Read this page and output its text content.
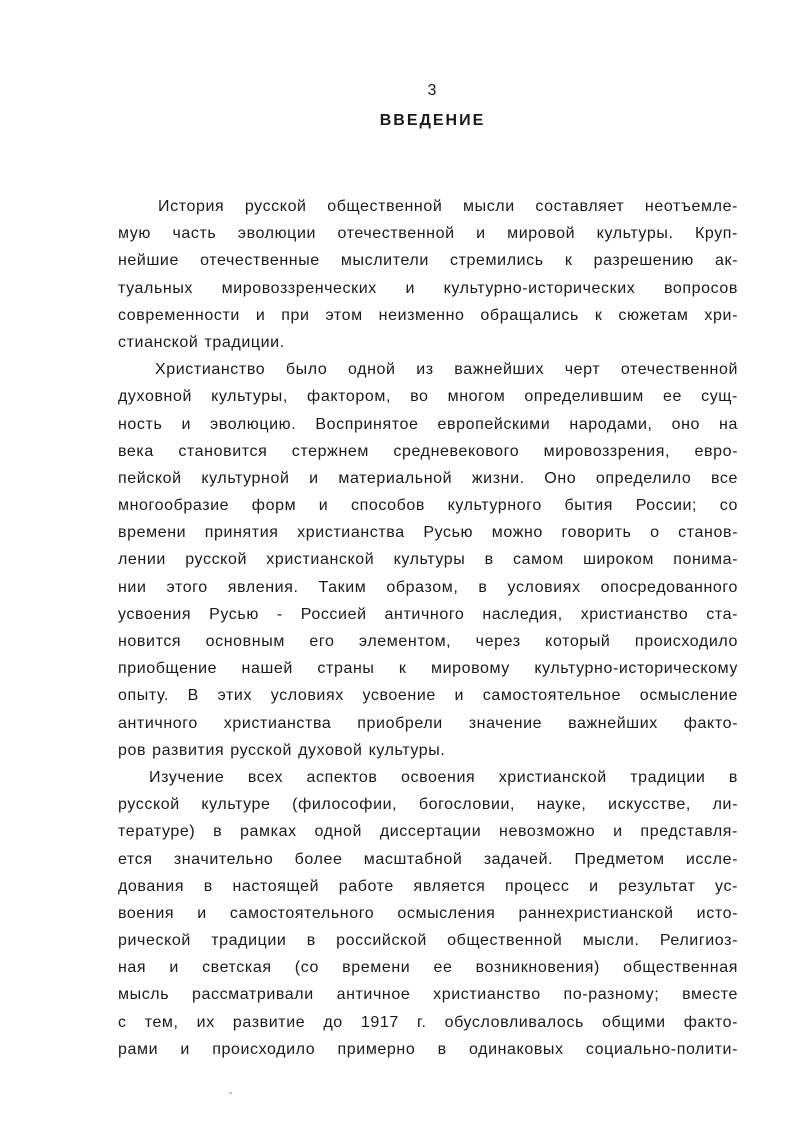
3
ВВЕДЕНИЕ
История русской общественной мысли составляет неотъемле-
мую часть эволюции отечественной и мировой культуры. Круп-
нейшие отечественные мыслители стремились к разрешению ак-
туальных мировоззренческих и культурно-исторических вопросов
современности и при этом неизменно обращались к сюжетам хри-
стианской традиции.
Христианство было одной из важнейших черт отечественной
духовной культуры, фактором, во многом определившим ее сущ-
ность и эволюцию. Воспринятое европейскими народами, оно на
века становится стержнем средневекового мировоззрения, евро-
пейской культурной и материальной жизни. Оно определило все
многообразие форм и способов культурного бытия России; со
времени принятия христианства Русью можно говорить о станов-
лении русской христианской культуры в самом широком понима-
нии этого явления. Таким образом, в условиях опосредованного
усвоения Русью - Россией античного наследия, христианство ста-
новится основным его элементом, через который происходило
приобщение нашей страны к мировому культурно-историческому
опыту. В этих условиях усвоение и самостоятельное осмысление
античного христианства приобрели значение важнейших факто-
ров развития русской духовой культуры.
Изучение всех аспектов освоения христианской традиции в
русской культуре (философии, богословии, науке, искусстве, ли-
тературе) в рамках одной диссертации невозможно и представля-
ется значительно более масштабной задачей. Предметом иссле-
дования в настоящей работе является процесс и результат ус-
воения и самостоятельного осмысления раннехристианской исто-
рической традиции в российской общественной мысли. Религиоз-
ная и светская (со времени ее возникновения) общественная
мысль рассматривали античное христианство по-разному; вместе
с тем, их развитие до 1917 г. обусловливалось общими факто-
рами и происходило примерно в одинаковых социально-полити-
